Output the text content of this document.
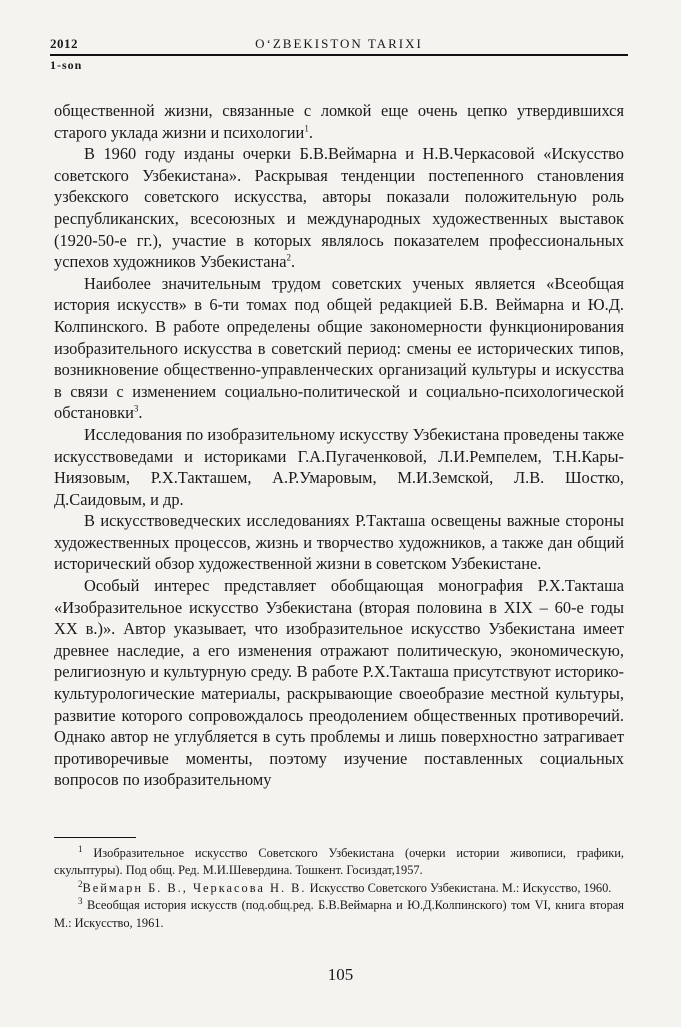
2012	O‘ZBEKISTON TARIXI
1-son

общественной жизни, связанные с ломкой еще очень цепко утвердившихся старого уклада жизни и психологии$^1$.

В 1960 году изданы очерки Б.В.Веймарна и Н.В.Черкасовой «Искусство советского Узбекистана». Раскрывая тенденции постепенного становления узбекского советского искусства, авторы показали положительную роль республиканских, всесоюзных и международных художественных выставок (1920-50-е гг.), участие в которых являлось показателем профессиональных успехов художников Узбекистана$^2$.

Наиболее значительным трудом советских ученых является «Всеобщая история искусств» в 6-ти томах под общей редакцией Б.В. Веймарна и Ю.Д. Колпинского. В работе определены общие закономерности функционирования изобразительного искусства в советский период: смены ее исторических типов, возникновение общественно-управленческих организаций культуры и искусства в связи с изменением социально-политической и социально-психологической обстановки$^3$.

Исследования по изобразительному искусству Узбекистана проведены также искусствоведами и историками Г.А.Пугаченковой, Л.И.Ремпелем, Т.Н.Кары-Ниязовым, Р.Х.Такташем, А.Р.Умаровым, М.И.Земской, Л.В. Шостко, Д.Саидовым, и др.

В искусствоведческих исследованиях Р.Такташа освещены важные стороны художественных процессов, жизнь и творчество художников, а также дан общий исторический обзор художественной жизни в советском Узбекистане.

Особый интерес представляет обобщающая монография Р.Х.Такташа «Изобразительное искусство Узбекистана (вторая половина в XIX – 60-е годы XX в.)». Автор указывает, что изобразительное искусство Узбекистана имеет древнее наследие, а его изменения отражают политическую, экономическую, религиозную и культурную среду. В работе Р.Х.Такташа присутствуют историко-культурологические материалы, раскрывающие своеобразие местной культуры, развитие которого сопровождалось преодолением общественных противоречий. Однако автор не углубляется в суть проблемы и лишь поверхностно затрагивает противоречивые моменты, поэтому изучение поставленных социальных вопросов по изобразительному

$^1$ Изобразительное искусство Советского Узбекистана (очерки истории живописи, графики, скульптуры). Под общ. Ред. М.И.Шевердина. Тошкент. Госиздат,1957.

$^2$Веймарн Б. В., Черкасова Н. В. Искусство Советского Узбекистана. М.: Искусство, 1960.

$^3$ Всеобщая история искусств (под.общ.ред. Б.В.Веймарна и Ю.Д.Колпинского) том VI, книга вторая М.: Искусство, 1961.

105
